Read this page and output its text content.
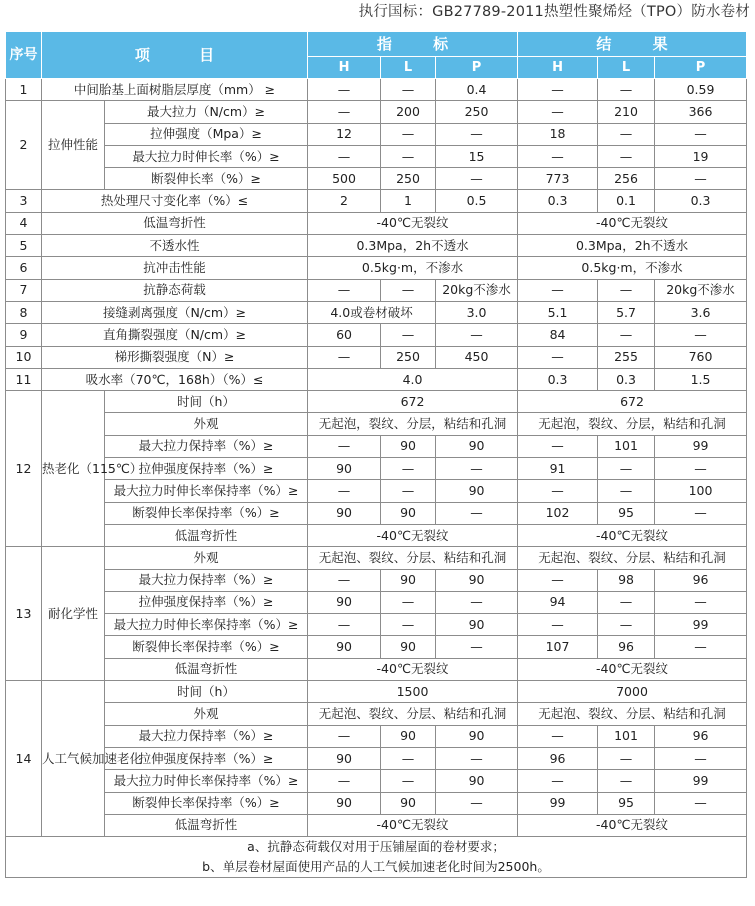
执行国标：GB27789-2011热塑性聚烯烃（TPO）防水卷材
序号	项 目		指 标			结 果		
			H	L	P	H	L	P
1	中间胎基上面树脂层厚度（mm） ≥		—	—	0.4	—	—	0.59
2	拉伸性能	最大拉力（N/cm）≥	—	200	250	—	210	366
		拉伸强度（Mpa）≥	12	—	—	18	—	—
		最大拉力时伸长率（%）≥	—	—	15	—	—	19
		断裂伸长率（%）≥	500	250	—	773	256	—
3	热处理尺寸变化率（%）≤		2	1	0.5	0.3	0.1	0.3
4	低温弯折性		-40℃无裂纹			-40℃无裂纹		
5	不透水性		0.3Mpa，2h不透水			0.3Mpa，2h不透水		
6	抗冲击性能		0.5kg·m，不渗水			0.5kg·m，不渗水		
7	抗静态荷载		—	—	20kg不渗水	—	—	20kg不渗水
8	接缝剥离强度（N/cm）≥		4.0或卷材破坏		3.0	5.1	5.7	3.6
9	直角撕裂强度（N/cm）≥		60	—	—	84	—	—
10	梯形撕裂强度（N）≥		—	250	450	—	255	760
11	吸水率（70℃，168h）（%）≤		4.0			0.3	0.3	1.5
12	热老化（115℃）	时间（h）	672			672		
		外观	无起泡，裂纹、分层，粘结和孔洞			无起泡，裂纹、分层，粘结和孔洞		
		最大拉力保持率（%）≥	—	90	90	—	101	99
		拉伸强度保持率（%）≥	90	—	—	91	—	—
		最大拉力时伸长率保持率（%）≥	—	—	90	—	—	100
		断裂伸长率保持率（%）≥	90	90	—	102	95	—
		低温弯折性	-40℃无裂纹			-40℃无裂纹		
13	耐化学性	外观	无起泡、裂纹、分层、粘结和孔洞			无起泡、裂纹、分层、粘结和孔洞		
		最大拉力保持率（%）≥	—	90	90	—	98	96
		拉伸强度保持率（%）≥	90	—	—	94	—	—
		最大拉力时伸长率保持率（%）≥	—	—	90	—	—	99
		断裂伸长率保持率（%）≥	90	90	—	107	96	—
		低温弯折性	-40℃无裂纹			-40℃无裂纹		
14	人工气候加速老化	时间（h）	1500			7000		
		外观	无起泡、裂纹、分层、粘结和孔洞			无起泡、裂纹、分层、粘结和孔洞		
		最大拉力保持率（%）≥	—	90	90	—	101	96
		拉伸强度保持率（%）≥	90	—	—	96	—	—
		最大拉力时伸长率保持率（%）≥	—	—	90	—	—	99
		断裂伸长率保持率（%）≥	90	90	—	99	95	—
		低温弯折性	-40℃无裂纹			-40℃无裂纹		

a、抗静态荷载仅对用于压铺屋面的卷材要求；
b、单层卷材屋面使用产品的人工气候加速老化时间为2500h。								
